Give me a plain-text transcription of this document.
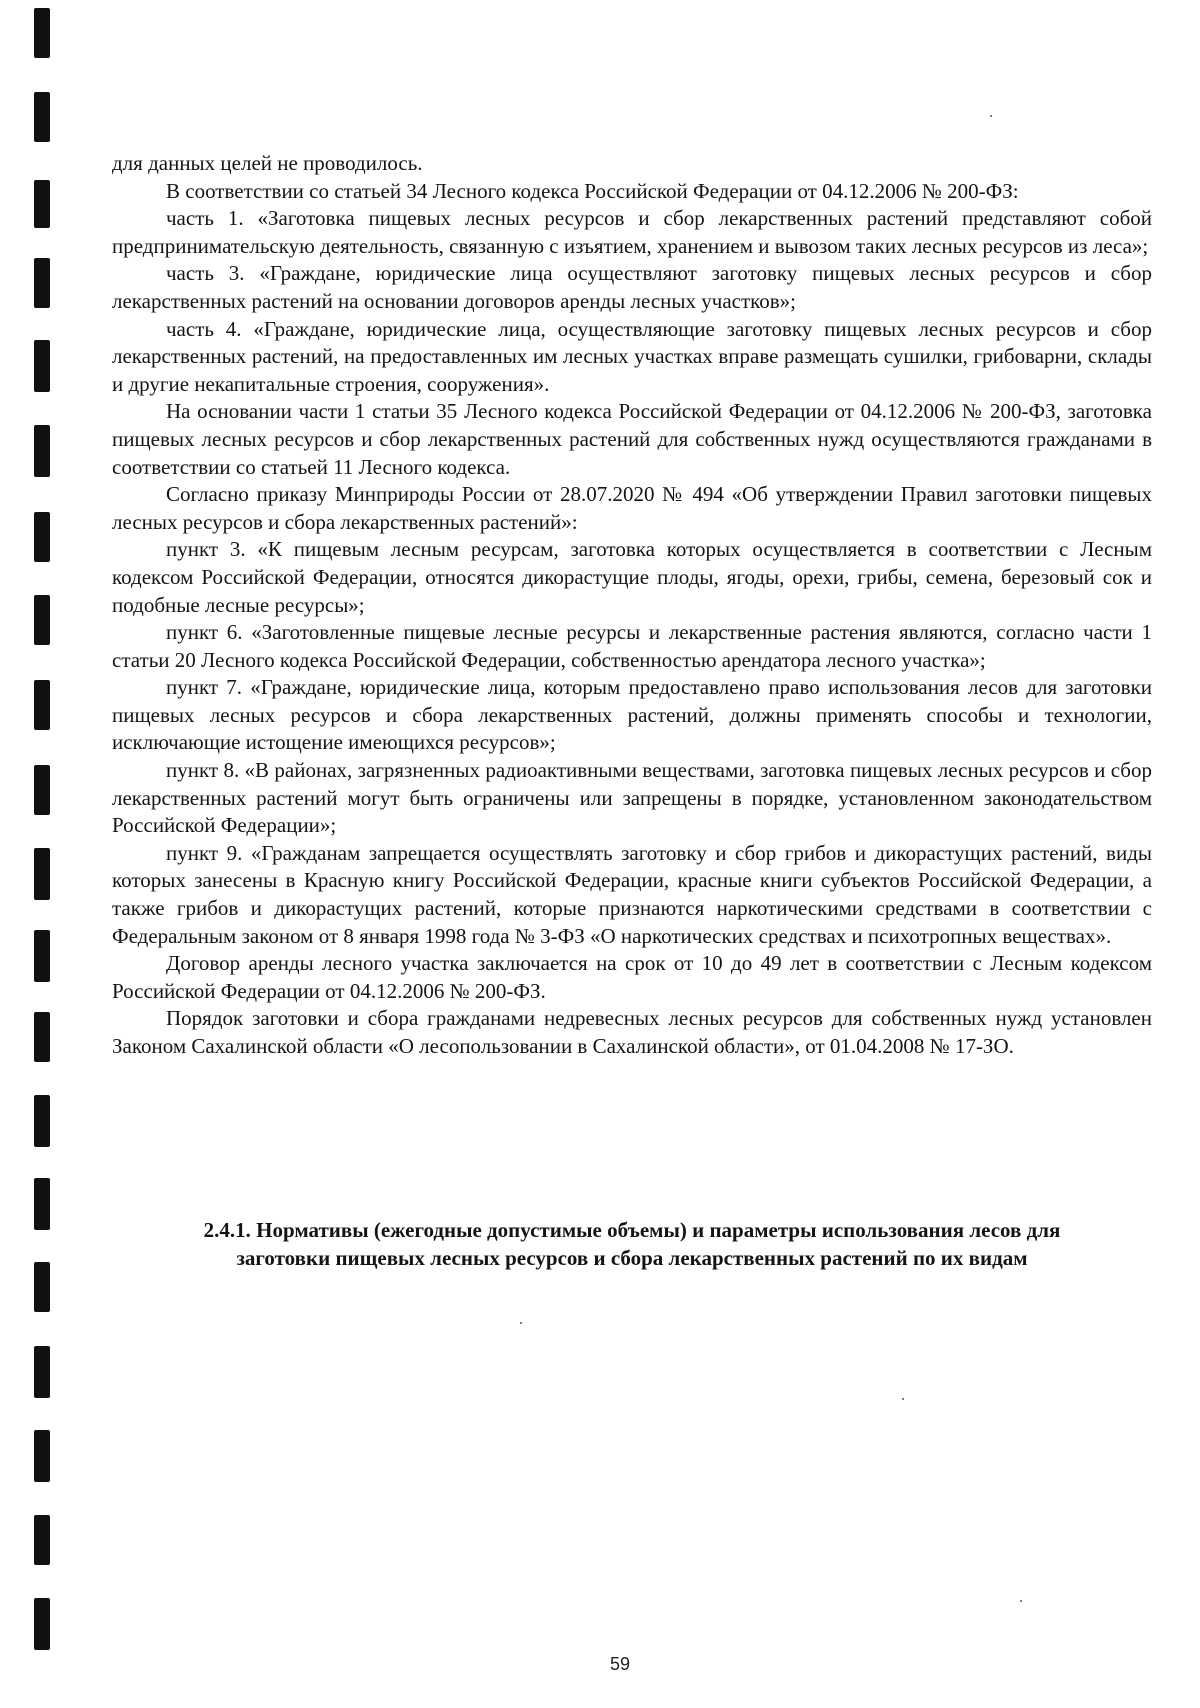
для данных целей не проводилось.

В соответствии со статьей 34 Лесного кодекса Российской Федерации от 04.12.2006 № 200-ФЗ:

часть 1. «Заготовка пищевых лесных ресурсов и сбор лекарственных растений представляют собой предпринимательскую деятельность, связанную с изъятием, хранением и вывозом таких лесных ресурсов из леса»;

часть 3. «Граждане, юридические лица осуществляют заготовку пищевых лесных ресурсов и сбор лекарственных растений на основании договоров аренды лесных участков»;

часть 4. «Граждане, юридические лица, осуществляющие заготовку пищевых лесных ресурсов и сбор лекарственных растений, на предоставленных им лесных участках вправе размещать сушилки, грибоварни, склады и другие некапитальные строения, сооружения».

На основании части 1 статьи 35 Лесного кодекса Российской Федерации от 04.12.2006 № 200-ФЗ, заготовка пищевых лесных ресурсов и сбор лекарственных растений для собственных нужд осуществляются гражданами в соответствии со статьей 11 Лесного кодекса.

Согласно приказу Минприроды России от 28.07.2020 № 494 «Об утверждении Правил заготовки пищевых лесных ресурсов и сбора лекарственных растений»:

пункт 3. «К пищевым лесным ресурсам, заготовка которых осуществляется в соответствии с Лесным кодексом Российской Федерации, относятся дикорастущие плоды, ягоды, орехи, грибы, семена, березовый сок и подобные лесные ресурсы»;

пункт 6. «Заготовленные пищевые лесные ресурсы и лекарственные растения являются, согласно части 1 статьи 20 Лесного кодекса Российской Федерации, собственностью арендатора лесного участка»;

пункт 7. «Граждане, юридические лица, которым предоставлено право использования лесов для заготовки пищевых лесных ресурсов и сбора лекарственных растений, должны применять способы и технологии, исключающие истощение имеющихся ресурсов»;

пункт 8. «В районах, загрязненных радиоактивными веществами, заготовка пищевых лесных ресурсов и сбор лекарственных растений могут быть ограничены или запрещены в порядке, установленном законодательством Российской Федерации»;

пункт 9. «Гражданам запрещается осуществлять заготовку и сбор грибов и дикорастущих растений, виды которых занесены в Красную книгу Российской Федерации, красные книги субъектов Российской Федерации, а также грибов и дикорастущих растений, которые признаются наркотическими средствами в соответствии с Федеральным законом от 8 января 1998 года № 3-ФЗ «О наркотических средствах и психотропных веществах».

Договор аренды лесного участка заключается на срок от 10 до 49 лет в соответствии с Лесным кодексом Российской Федерации от 04.12.2006 № 200-ФЗ.

Порядок заготовки и сбора гражданами недревесных лесных ресурсов для собственных нужд установлен Законом Сахалинской области «О лесопользовании в Сахалинской области», от 01.04.2008 № 17-ЗО.

2.4.1. Нормативы (ежегодные допустимые объемы) и параметры использования лесов для
заготовки пищевых лесных ресурсов и сбора лекарственных растений по их видам
59
